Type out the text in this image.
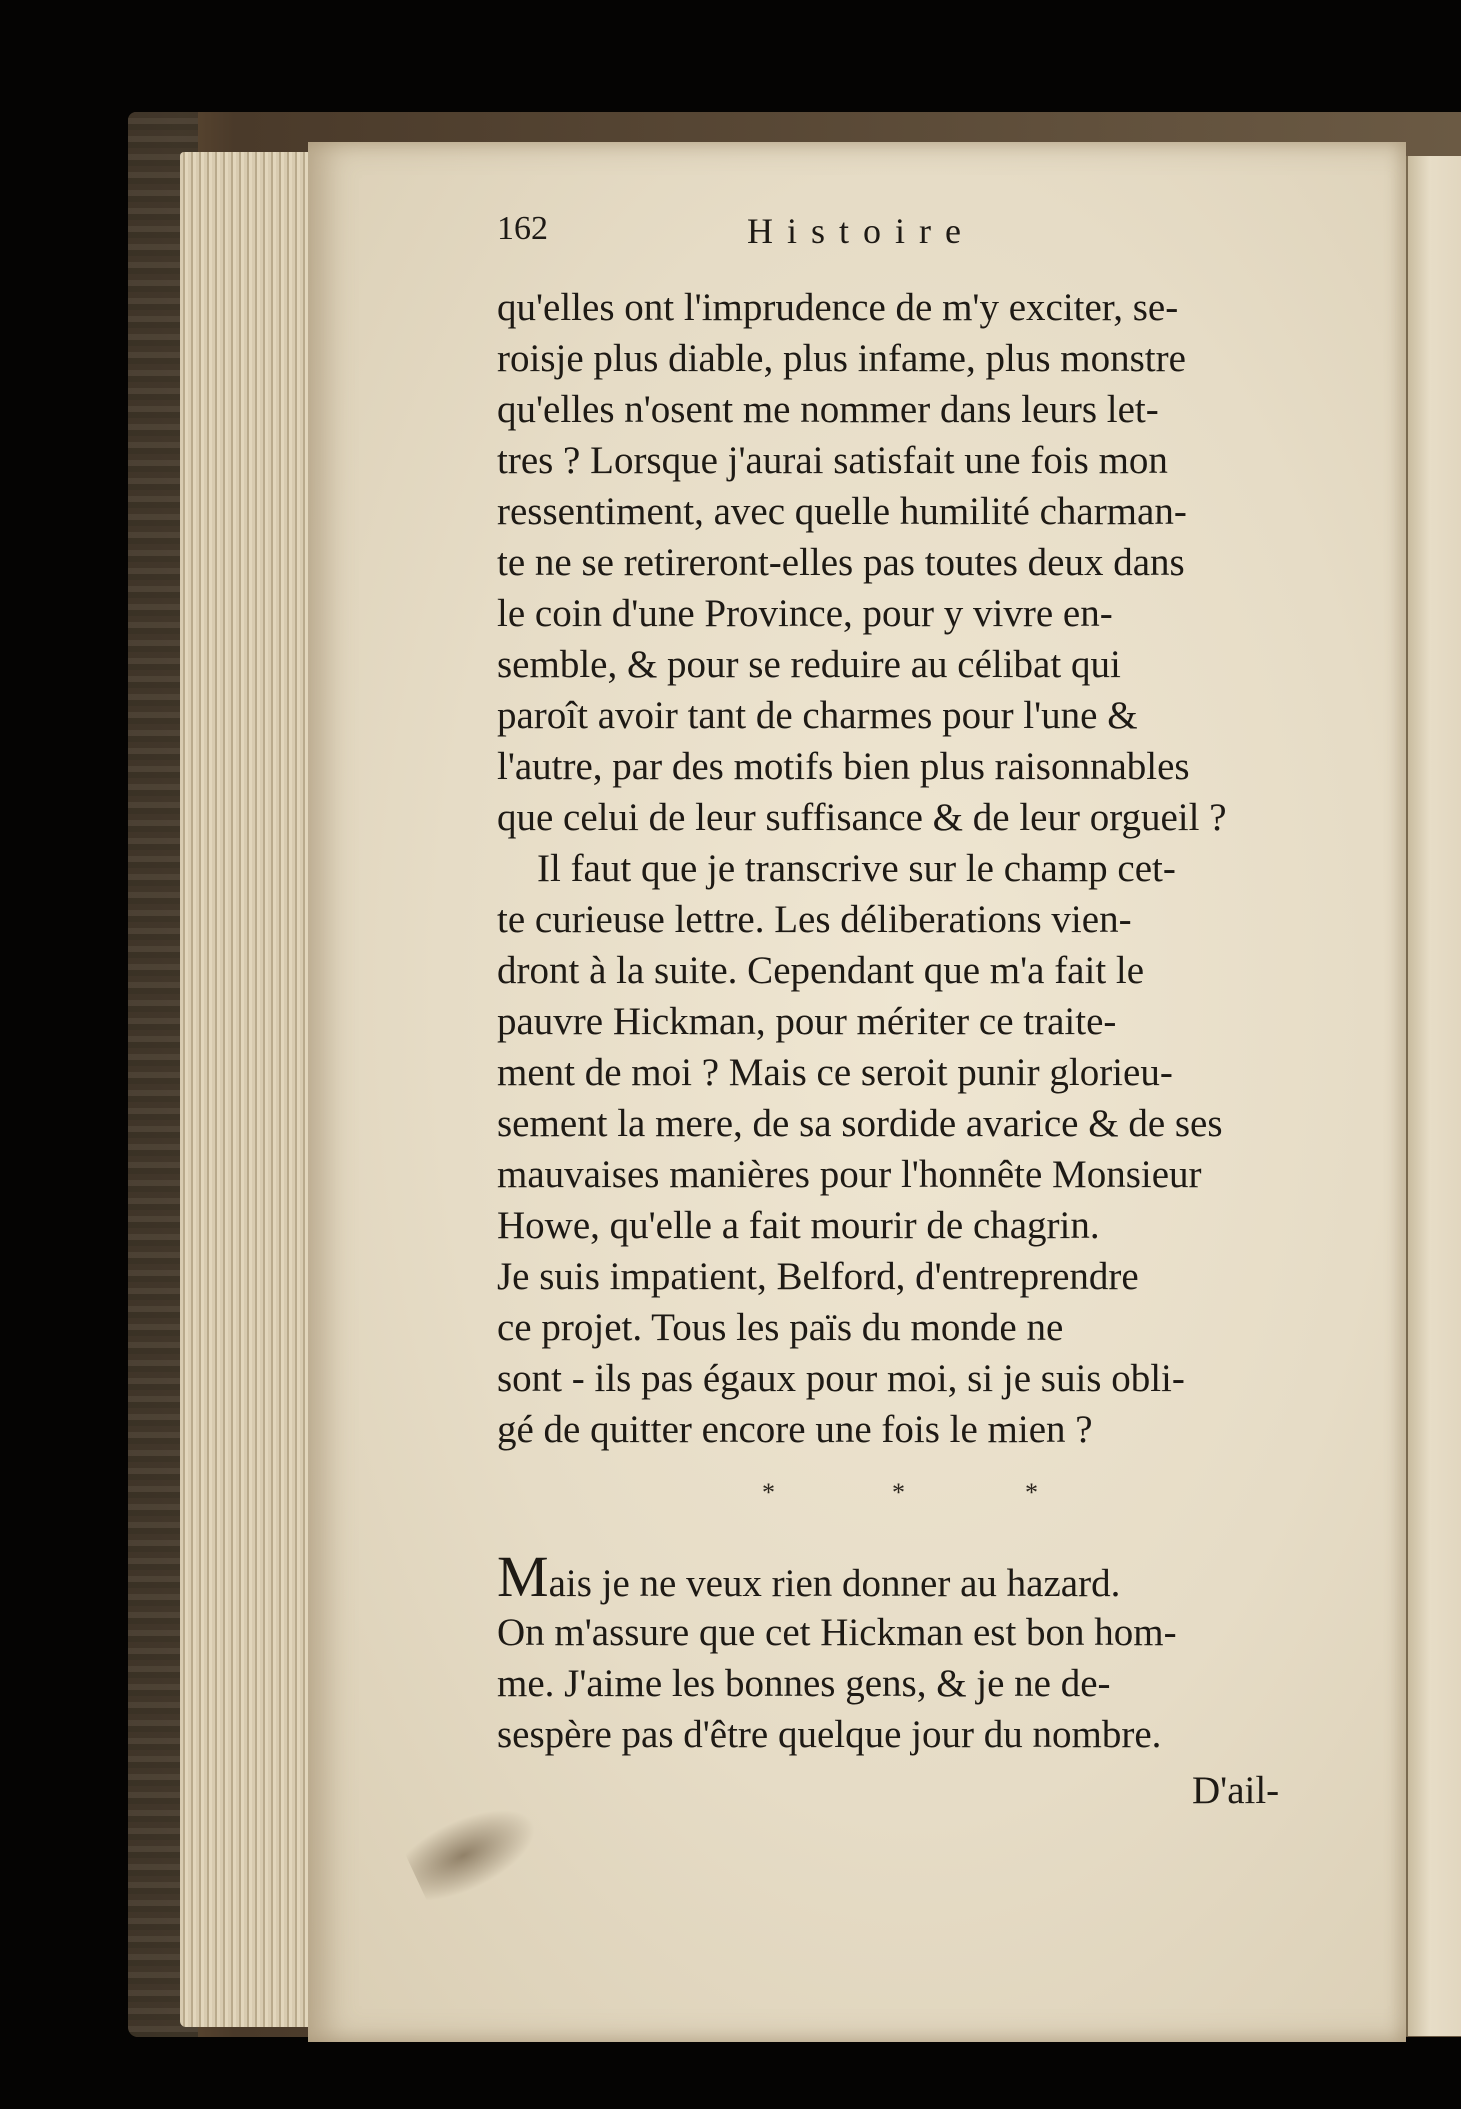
162	Histoire
qu'elles ont l'imprudence de m'y exciter, se-
roisje plus diable, plus infame, plus monstre
qu'elles n'osent me nommer dans leurs let-
tres ? Lorsque j'aurai satisfait une fois mon
ressentiment, avec quelle humilité charman-
te ne se retireront-elles pas toutes deux dans
le coin d'une Province, pour y vivre en-
semble, & pour se reduire au célibat qui
paroît avoir tant de charmes pour l'une &
l'autre, par des motifs bien plus raisonnables
que celui de leur suffisance & de leur orgueil ?
Il faut que je transcrive sur le champ cet-
te curieuse lettre. Les déliberations vien-
dront à la suite. Cependant que m'a fait le
pauvre Hickman, pour mériter ce traite-
ment de moi ? Mais ce seroit punir glorieu-
sement la mere, de sa sordide avarice & de ses
mauvaises manières pour l'honnête Monsieur
Howe, qu'elle a fait mourir de chagrin.
Je suis impatient, Belford, d'entreprendre
ce projet. Tous les païs du monde ne
sont - ils pas égaux pour moi, si je suis obli-
gé de quitter encore une fois le mien ?
*	*	*
Mais je ne veux rien donner au hazard.
On m'assure que cet Hickman est bon hom-
me. J'aime les bonnes gens, & je ne de-
sespère pas d'être quelque jour du nombre.
D'ail-
